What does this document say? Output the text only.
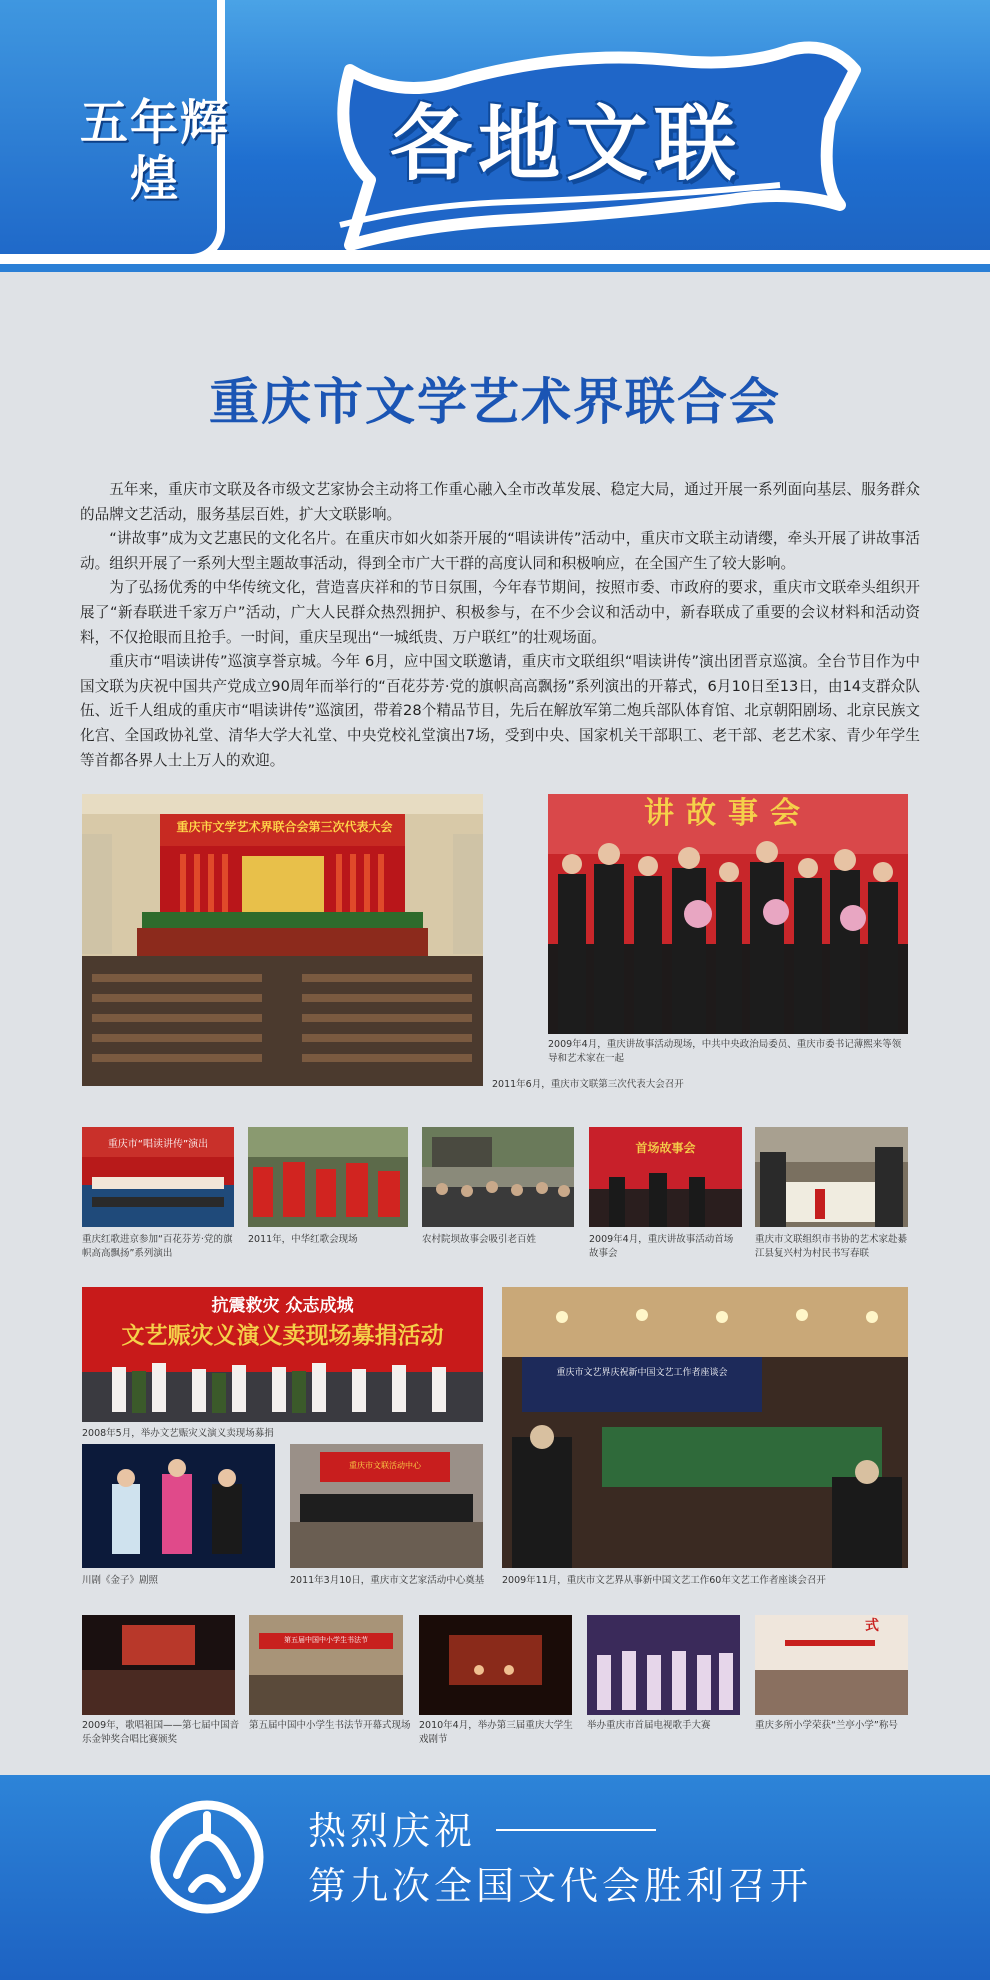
五年辉煌	各地文联
重庆市文学艺术界联合会

五年来，重庆市文联及各市级文艺家协会主动将工作重心融入全市改革发展、稳定大局，通过开展一系列面向基层、服务群众的品牌文艺活动，服务基层百姓，扩大文联影响。

“讲故事”成为文艺惠民的文化名片。在重庆市如火如荼开展的“唱读讲传”活动中，重庆市文联主动请缨，牵头开展了讲故事活动。组织开展了一系列大型主题故事活动，得到全市广大干群的高度认同和积极响应，在全国产生了较大影响。

为了弘扬优秀的中华传统文化，营造喜庆祥和的节日氛围，今年春节期间，按照市委、市政府的要求，重庆市文联牵头组织开展了“新春联进千家万户”活动，广大人民群众热烈拥护、积极参与，在不少会议和活动中，新春联成了重要的会议材料和活动资料，不仅抢眼而且抢手。一时间，重庆呈现出“一城纸贵、万户联红”的壮观场面。

重庆市“唱读讲传”巡演享誉京城。今年 6月，应中国文联邀请，重庆市文联组织“唱读讲传”演出团晋京巡演。全台节目作为中国文联为庆祝中国共产党成立90周年而举行的“百花芬芳·党的旗帜高高飘扬”系列演出的开幕式，6月10日至13日，由14支群众队伍、近千人组成的重庆市“唱读讲传”巡演团，带着28个精品节目，先后在解放军第二炮兵部队体育馆、北京朝阳剧场、北京民族文化宫、全国政协礼堂、清华大学大礼堂、中央党校礼堂演出7场，受到中央、国家机关干部职工、老干部、老艺术家、青少年学生等首都各界人士上万人的欢迎。

重庆市文学艺术界联合会第三次代表大会
2011年6月，重庆市文联第三次代表大会召开
讲故事会
2009年4月，重庆讲故事活动现场，中共中央政治局委员、重庆市委书记薄熙来等领导和艺术家在一起
重庆市“唱读讲传”演出
重庆红歌进京参加“百花芬芳·党的旗帜高高飘扬”系列演出
2011年，中华红歌会现场	农村院坝故事会吸引老百姓
首场故事会
2009年4月，重庆讲故事活动首场故事会
重庆市文联组织市书协的艺术家赴綦江县复兴村为村民书写春联
抗震救灾 众志成城
文艺赈灾义演义卖现场募捐活动
2008年5月，举办文艺赈灾义演义卖现场募捐
重庆市文艺界庆祝新中国文艺工作者座谈会
2009年11月，重庆市文艺界从事新中国文艺工作60年文艺工作者座谈会召开
川剧《金子》剧照
重庆市文联活动中心
2011年3月10日，重庆市文艺家活动中心奠基
2009年，歌唱祖国——第七届中国音乐金钟奖合唱比赛颁奖
第五届中国中小学生书法节
第五届中国中小学生书法节开幕式现场 2010年4月，举办第三届重庆大学生戏剧节
举办重庆市首届电视歌手大赛
式
重庆多所小学荣获“兰亭小学”称号
热烈庆祝
第九次全国文代会胜利召开
